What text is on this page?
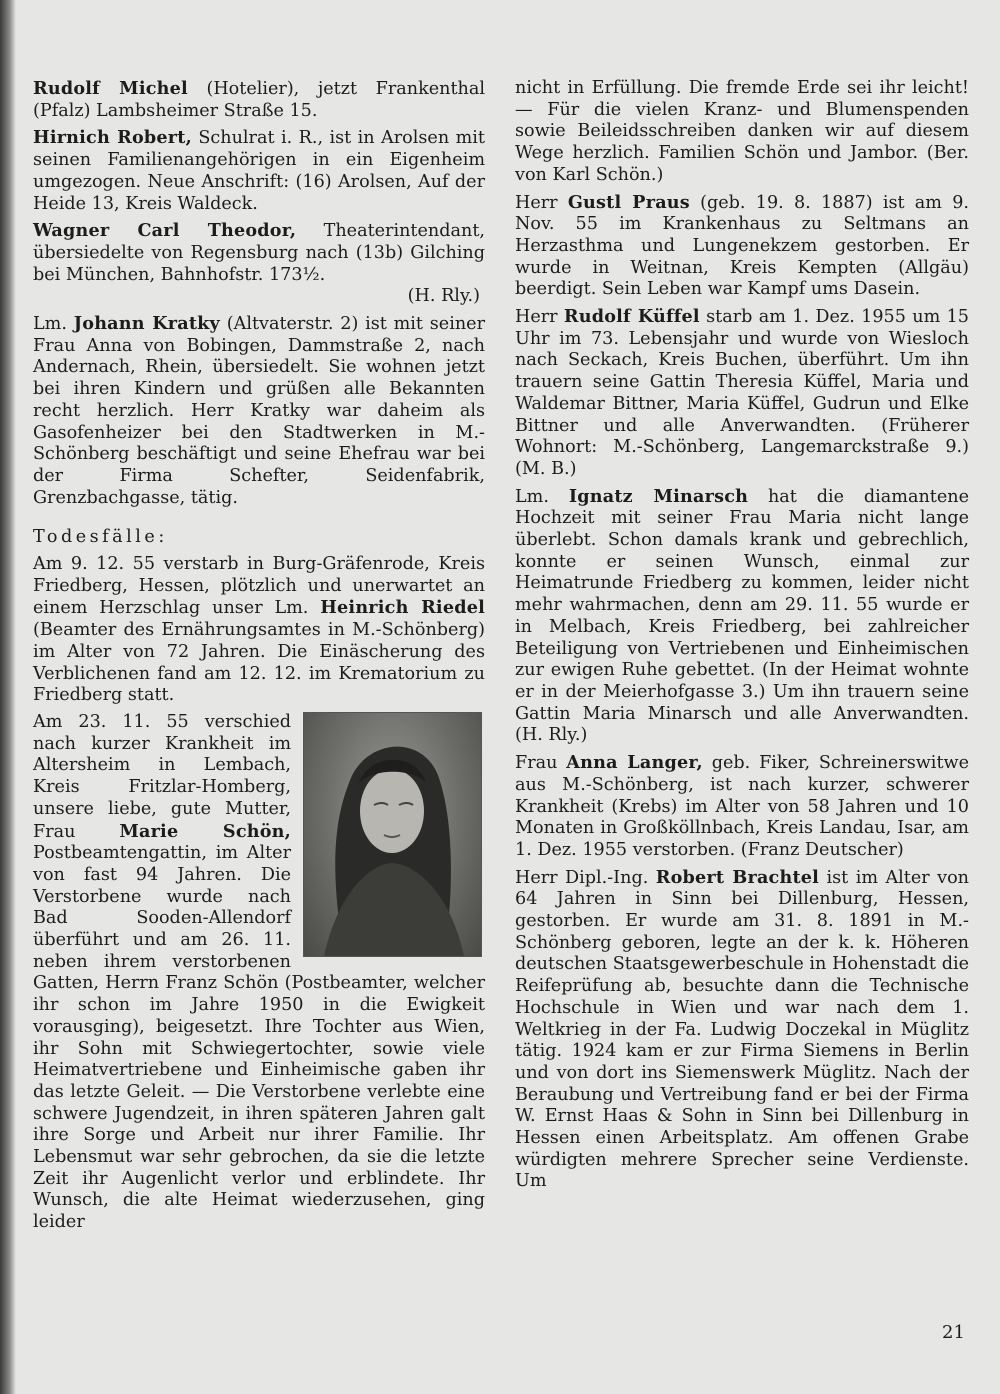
Rudolf Michel (Hotelier), jetzt Frankenthal (Pfalz) Lambsheimer Straße 15.

Hirnich Robert, Schulrat i. R., ist in Arolsen mit seinen Familienangehörigen in ein Eigenheim umgezogen. Neue Anschrift: (16) Arolsen, Auf der Heide 13, Kreis Waldeck.

Wagner Carl Theodor, Theaterintendant, übersiedelte von Regensburg nach (13b) Gilching bei München, Bahnhofstr. 173½.

(H. Rly.)

Lm. Johann Kratky (Altvaterstr. 2) ist mit seiner Frau Anna von Bobingen, Dammstraße 2, nach Andernach, Rhein, übersiedelt. Sie wohnen jetzt bei ihren Kindern und grüßen alle Bekannten recht herzlich. Herr Kratky war daheim als Gasofenheizer bei den Stadtwerken in M.-Schönberg beschäftigt und seine Ehefrau war bei der Firma Schefter, Seidenfabrik, Grenzbachgasse, tätig.

Todesfälle:

Am 9. 12. 55 verstarb in Burg-Gräfenrode, Kreis Friedberg, Hessen, plötzlich und unerwartet an einem Herzschlag unser Lm. Heinrich Riedel (Beamter des Ernährungsamtes in M.-Schönberg) im Alter von 72 Jahren. Die Einäscherung des Verblichenen fand am 12. 12. im Krematorium zu Friedberg statt.

Am 23. 11. 55 verschied nach kurzer Krankheit im Altersheim in Lembach, Kreis Fritzlar-Homberg, unsere liebe, gute Mutter, Frau Marie Schön, Postbeamtengattin, im Alter von fast 94 Jahren. Die Verstorbene wurde nach Bad Sooden-Allendorf überführt und am 26. 11. neben ihrem verstorbenen Gatten, Herrn Franz Schön (Postbeamter, welcher ihr schon im Jahre 1950 in die Ewigkeit vorausging), beigesetzt. Ihre Tochter aus Wien, ihr Sohn mit Schwiegertochter, sowie viele Heimatvertriebene und Einheimische gaben ihr das letzte Geleit. — Die Verstorbene verlebte eine schwere Jugendzeit, in ihren späteren Jahren galt ihre Sorge und Arbeit nur ihrer Familie. Ihr Lebensmut war sehr gebrochen, da sie die letzte Zeit ihr Augenlicht verlor und erblindete. Ihr Wunsch, die alte Heimat wiederzusehen, ging leider

nicht in Erfüllung. Die fremde Erde sei ihr leicht! — Für die vielen Kranz- und Blumenspenden sowie Beileidsschreiben danken wir auf diesem Wege herzlich. Familien Schön und Jambor. (Ber. von Karl Schön.)

Herr Gustl Praus (geb. 19. 8. 1887) ist am 9. Nov. 55 im Krankenhaus zu Seltmans an Herzasthma und Lungenekzem gestorben. Er wurde in Weitnan, Kreis Kempten (Allgäu) beerdigt. Sein Leben war Kampf ums Dasein.

Herr Rudolf Küffel starb am 1. Dez. 1955 um 15 Uhr im 73. Lebensjahr und wurde von Wiesloch nach Seckach, Kreis Buchen, überführt. Um ihn trauern seine Gattin Theresia Küffel, Maria und Waldemar Bittner, Maria Küffel, Gudrun und Elke Bittner und alle Anverwandten. (Früherer Wohnort: M.-Schönberg, Langemarckstraße 9.) (M. B.)

Lm. Ignatz Minarsch hat die diamantene Hochzeit mit seiner Frau Maria nicht lange überlebt. Schon damals krank und gebrechlich, konnte er seinen Wunsch, einmal zur Heimatrunde Friedberg zu kommen, leider nicht mehr wahrmachen, denn am 29. 11. 55 wurde er in Melbach, Kreis Friedberg, bei zahlreicher Beteiligung von Vertriebenen und Einheimischen zur ewigen Ruhe gebettet. (In der Heimat wohnte er in der Meierhofgasse 3.) Um ihn trauern seine Gattin Maria Minarsch und alle Anverwandten. (H. Rly.)

Frau Anna Langer, geb. Fiker, Schreinerswitwe aus M.-Schönberg, ist nach kurzer, schwerer Krankheit (Krebs) im Alter von 58 Jahren und 10 Monaten in Großköllnbach, Kreis Landau, Isar, am 1. Dez. 1955 verstorben. (Franz Deutscher)

Herr Dipl.-Ing. Robert Brachtel ist im Alter von 64 Jahren in Sinn bei Dillenburg, Hessen, gestorben. Er wurde am 31. 8. 1891 in M.-Schönberg geboren, legte an der k. k. Höheren deutschen Staatsgewerbeschule in Hohenstadt die Reifeprüfung ab, besuchte dann die Technische Hochschule in Wien und war nach dem 1. Weltkrieg in der Fa. Ludwig Doczekal in Müglitz tätig. 1924 kam er zur Firma Siemens in Berlin und von dort ins Siemenswerk Müglitz. Nach der Beraubung und Vertreibung fand er bei der Firma W. Ernst Haas & Sohn in Sinn bei Dillenburg in Hessen einen Arbeitsplatz. Am offenen Grabe würdigten mehrere Sprecher seine Verdienste. Um

21
